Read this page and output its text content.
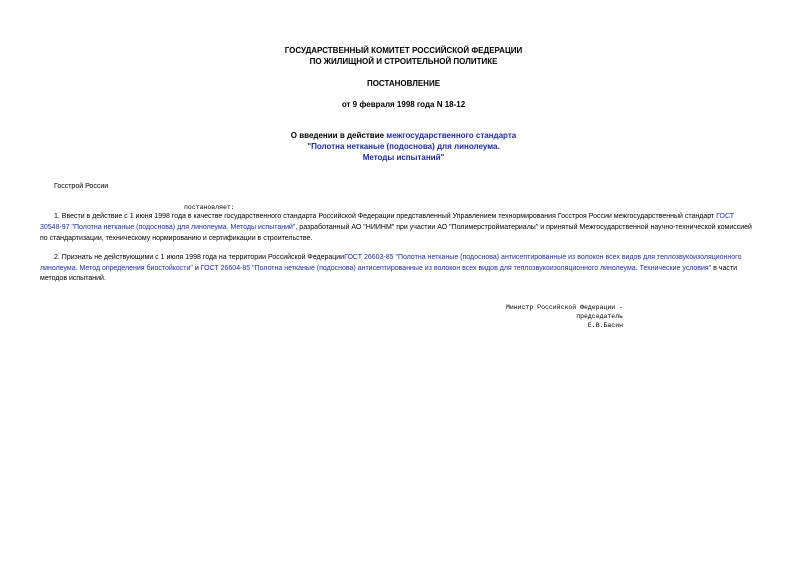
ГОСУДАРСТВЕННЫЙ КОМИТЕТ РОССИЙСКОЙ ФЕДЕРАЦИИ
ПО ЖИЛИЩНОЙ И СТРОИТЕЛЬНОЙ ПОЛИТИКЕ
ПОСТАНОВЛЕНИЕ
от 9 февраля 1998 года N 18-12
О введении в действие межгосударственного стандарта
"Полотна нетканые (подоснова) для линолеума.
Методы испытаний"
Госстрой России
постановляет:
1. Ввести в действие с 1 июня 1998 года в качестве государственного стандарта Российской Федерации представленный Управлением технормирования Госстроя России межгосударственный стандарт ГОСТ
30548-97 "Полотна нетканые (подоснова) для линолеума. Методы испытаний", разработанный АО "НИИНМ" при участии АО "Полимерстройматериалы" и принятый Межгосударственной научно-технической комиссией
по стандартизации, техническому нормированию и сертификации в строительстве.
2. Признать не действующими с 1 июля 1998 года на территории Российской ФедерацииГОСТ 26603-85 "Полотна нетканые (подоснова) антисептированные из волокон всех видов для теплозвукоизоляционного
линолеума. Метод определения биостойкости" и ГОСТ 26604-85 "Полотна нетканые (подоснова) антисептированные из волокон всех видов для теплозвукоизоляционного линолеума. Технические условия" в части
методов испытаний.
Министр Российской Федерации -
председатель
Е.В.Басин
